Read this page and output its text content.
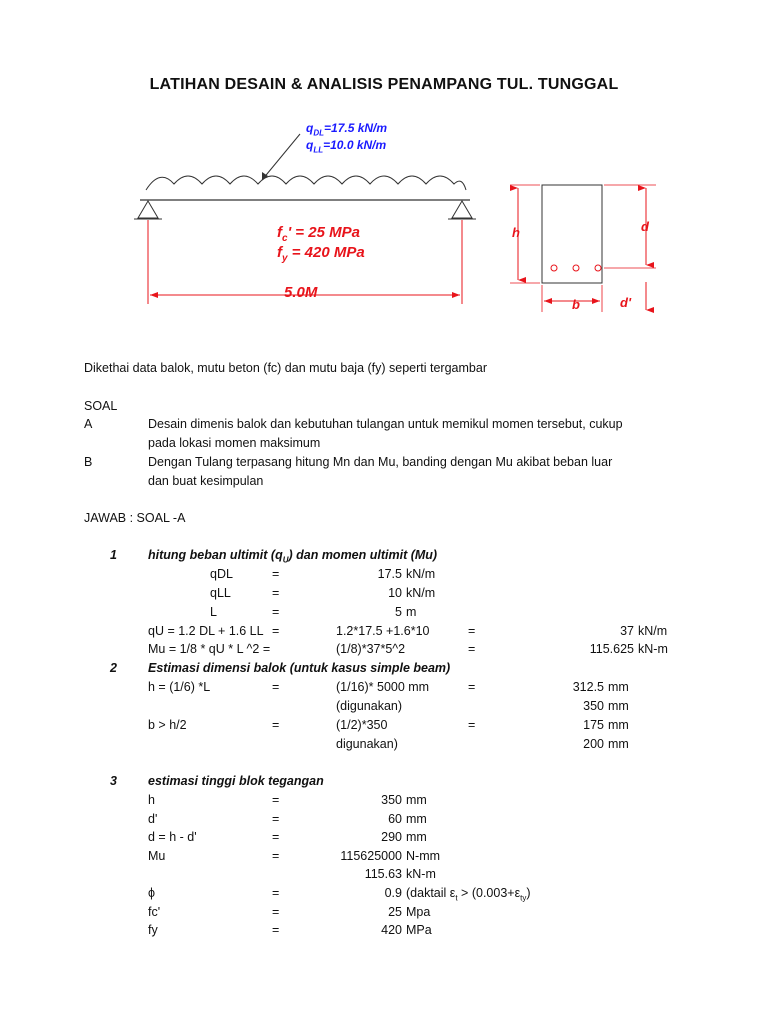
LATIHAN DESAIN & ANALISIS PENAMPANG TUL. TUNGGAL
$q_{DL}=17.5$ kN/m
$q_{LL}=10.0$ kN/m
$f_c' = 25$ MPa
$f_y = 420$ MPa
5.0M
h	d
b	d'
Dikethai data balok, mutu beton (fc) dan mutu baja (fy) seperti tergambar
SOAL
A	Desain dimenis balok dan kebutuhan tulangan untuk memikul momen tersebut, cukup
pada lokasi momen maksimum
B	Dengan Tulang terpasang hitung Mn dan Mu, banding dengan Mu akibat beban luar
dan buat kesimpulan
JAWAB : SOAL -A
1 hitung beban ultimit $(q_U)$ dan momen ultimit (Mu)
qDL	=	17.5 kN/m
qLL	=	10 kN/m
L	=	5 m
qU = 1.2 DL + 1.6 LL =	1.2*17.5 +1.6*10	=	37 kN/m
Mu = 1/8 * qU * L ^2 =	(1/8)*37*5^2	=	115.625 kN-m
2 Estimasi dimensi balok (untuk kasus simple beam)
h = (1/6) *L	=	(1/16)* 5000 mm	=	312.5 mm
(digunakan)	350 mm
b > h/2	=	(1/2)*350	=	175 mm
digunakan)	200 mm
3 estimasi tinggi blok tegangan
h	=	350 mm
d'	=	60 mm
d = h - d'	=	290 mm
Mu	=	115625000 N-mm
115.63 kN-m
ϕ	=	0.9 (daktail $\varepsilon_t > (0.003+\varepsilon_{ty})$
fc'	=	25 Mpa
fy	=	420 MPa
